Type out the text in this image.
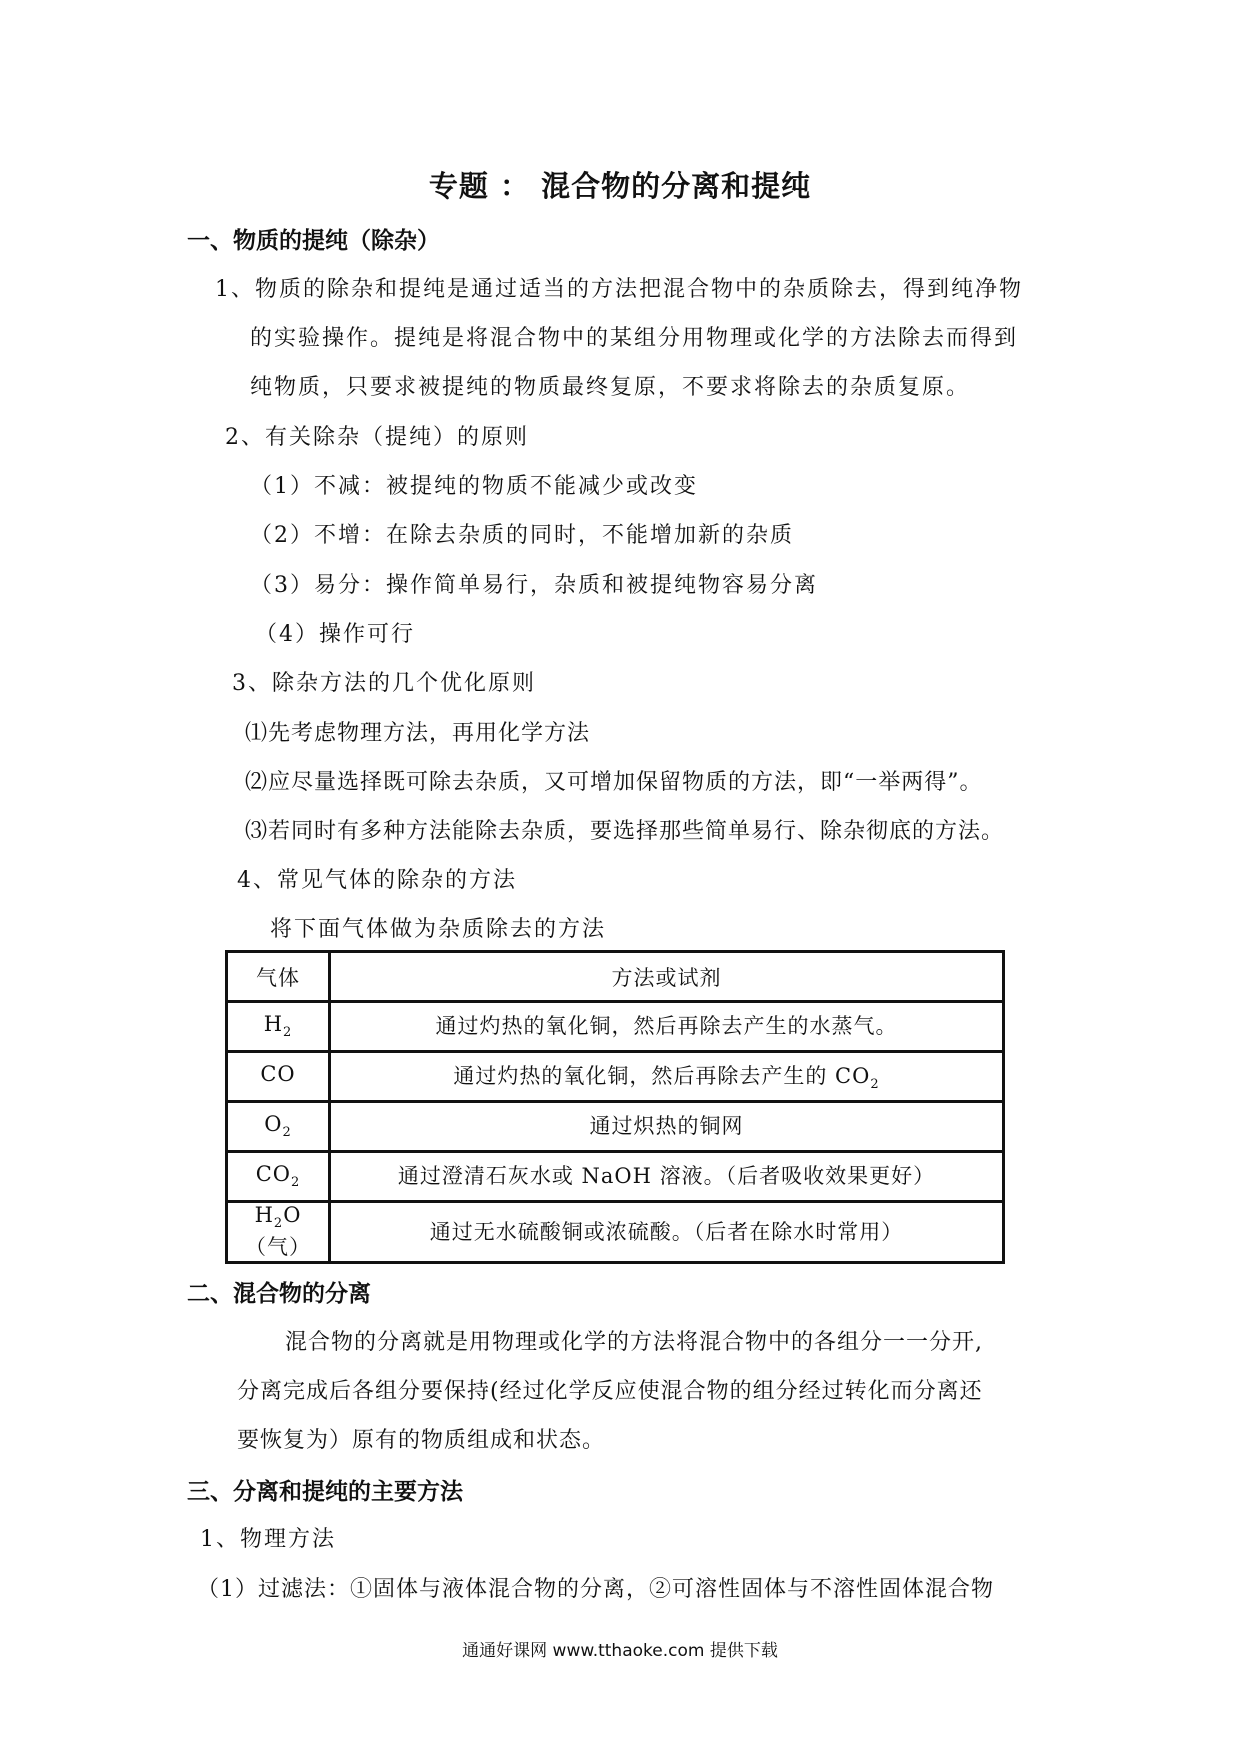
专题 ： 混合物的分离和提纯
一、物质的提纯（除杂）
1、物质的除杂和提纯是通过适当的方法把混合物中的杂质除去，得到纯净物
的实验操作。提纯是将混合物中的某组分用物理或化学的方法除去而得到
纯物质，只要求被提纯的物质最终复原，不要求将除去的杂质复原。
2、有关除杂（提纯）的原则
（1）不减：被提纯的物质不能减少或改变
（2）不增：在除去杂质的同时，不能增加新的杂质
（3）易分：操作简单易行，杂质和被提纯物容易分离
（4）操作可行
3、除杂方法的几个优化原则
⑴先考虑物理方法，再用化学方法
⑵应尽量选择既可除去杂质，又可增加保留物质的方法，即“一举两得”。
⑶若同时有多种方法能除去杂质，要选择那些简单易行、除杂彻底的方法。
4、常见气体的除杂的方法
将下面气体做为杂质除去的方法
气体	方法或试剂
$H_2$	通过灼热的氧化铜，然后再除去产生的水蒸气。
CO	通过灼热的氧化铜，然后再除去产生的 $CO_2$
$O_2$	通过炽热的铜网
$CO_2$	通过澄清石灰水或 NaOH 溶液。（后者吸收效果更好）
$H_2O$（气）	通过无水硫酸铜或浓硫酸。（后者在除水时常用）
二、混合物的分离
混合物的分离就是用物理或化学的方法将混合物中的各组分一一分开,
分离完成后各组分要保持(经过化学反应使混合物的组分经过转化而分离还
要恢复为）原有的物质组成和状态。
三、分离和提纯的主要方法
1、物理方法
（1）过滤法：①固体与液体混合物的分离，②可溶性固体与不溶性固体混合物
通通好课网 www.tthaoke.com 提供下载
